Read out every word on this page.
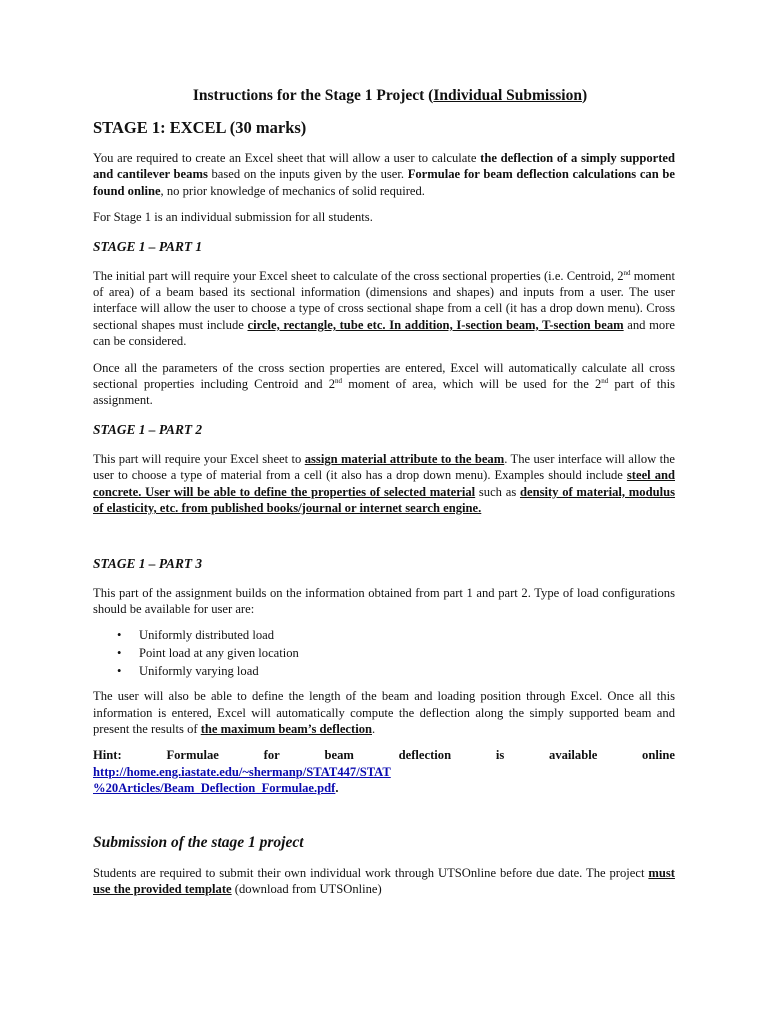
Instructions for the Stage 1 Project (Individual Submission)
STAGE 1: EXCEL (30 marks)

You are required to create an Excel sheet that will allow a user to calculate the deflection of a simply supported and cantilever beams based on the inputs given by the user. Formulae for beam deflection calculations can be found online, no prior knowledge of mechanics of solid required.

For Stage 1 is an individual submission for all students.

STAGE 1 – PART 1

The initial part will require your Excel sheet to calculate of the cross sectional properties (i.e. Centroid, 2nd moment of area) of a beam based its sectional information (dimensions and shapes) and inputs from a user. The user interface will allow the user to choose a type of cross sectional shape from a cell (it has a drop down menu). Cross sectional shapes must include circle, rectangle, tube etc. In addition, I-section beam, T-section beam and more can be considered.

Once all the parameters of the cross section properties are entered, Excel will automatically calculate all cross sectional properties including Centroid and 2nd moment of area, which will be used for the 2nd part of this assignment.

STAGE 1 – PART 2

This part will require your Excel sheet to assign material attribute to the beam. The user interface will allow the user to choose a type of material from a cell (it also has a drop down menu). Examples should include steel and concrete. User will be able to define the properties of selected material such as density of material, modulus of elasticity, etc. from published books/journal or internet search engine.

STAGE 1 – PART 3

This part of the assignment builds on the information obtained from part 1 and part 2. Type of load configurations should be available for user are:

• Uniformly distributed load
• Point load at any given location
• Uniformly varying load

The user will also be able to define the length of the beam and loading position through Excel. Once all this information is entered, Excel will automatically compute the deflection along the simply supported beam and present the results of the maximum beam’s deflection.

Hint:	Formulae	for	beam	deflection	is	available	online
http://home.eng.iastate.edu/~shermanp/STAT447/STAT
%20Articles/Beam_Deflection_Formulae.pdf.
Submission of the stage 1 project

Students are required to submit their own individual work through UTSOnline before due date. The project must use the provided template (download from UTSOnline)
